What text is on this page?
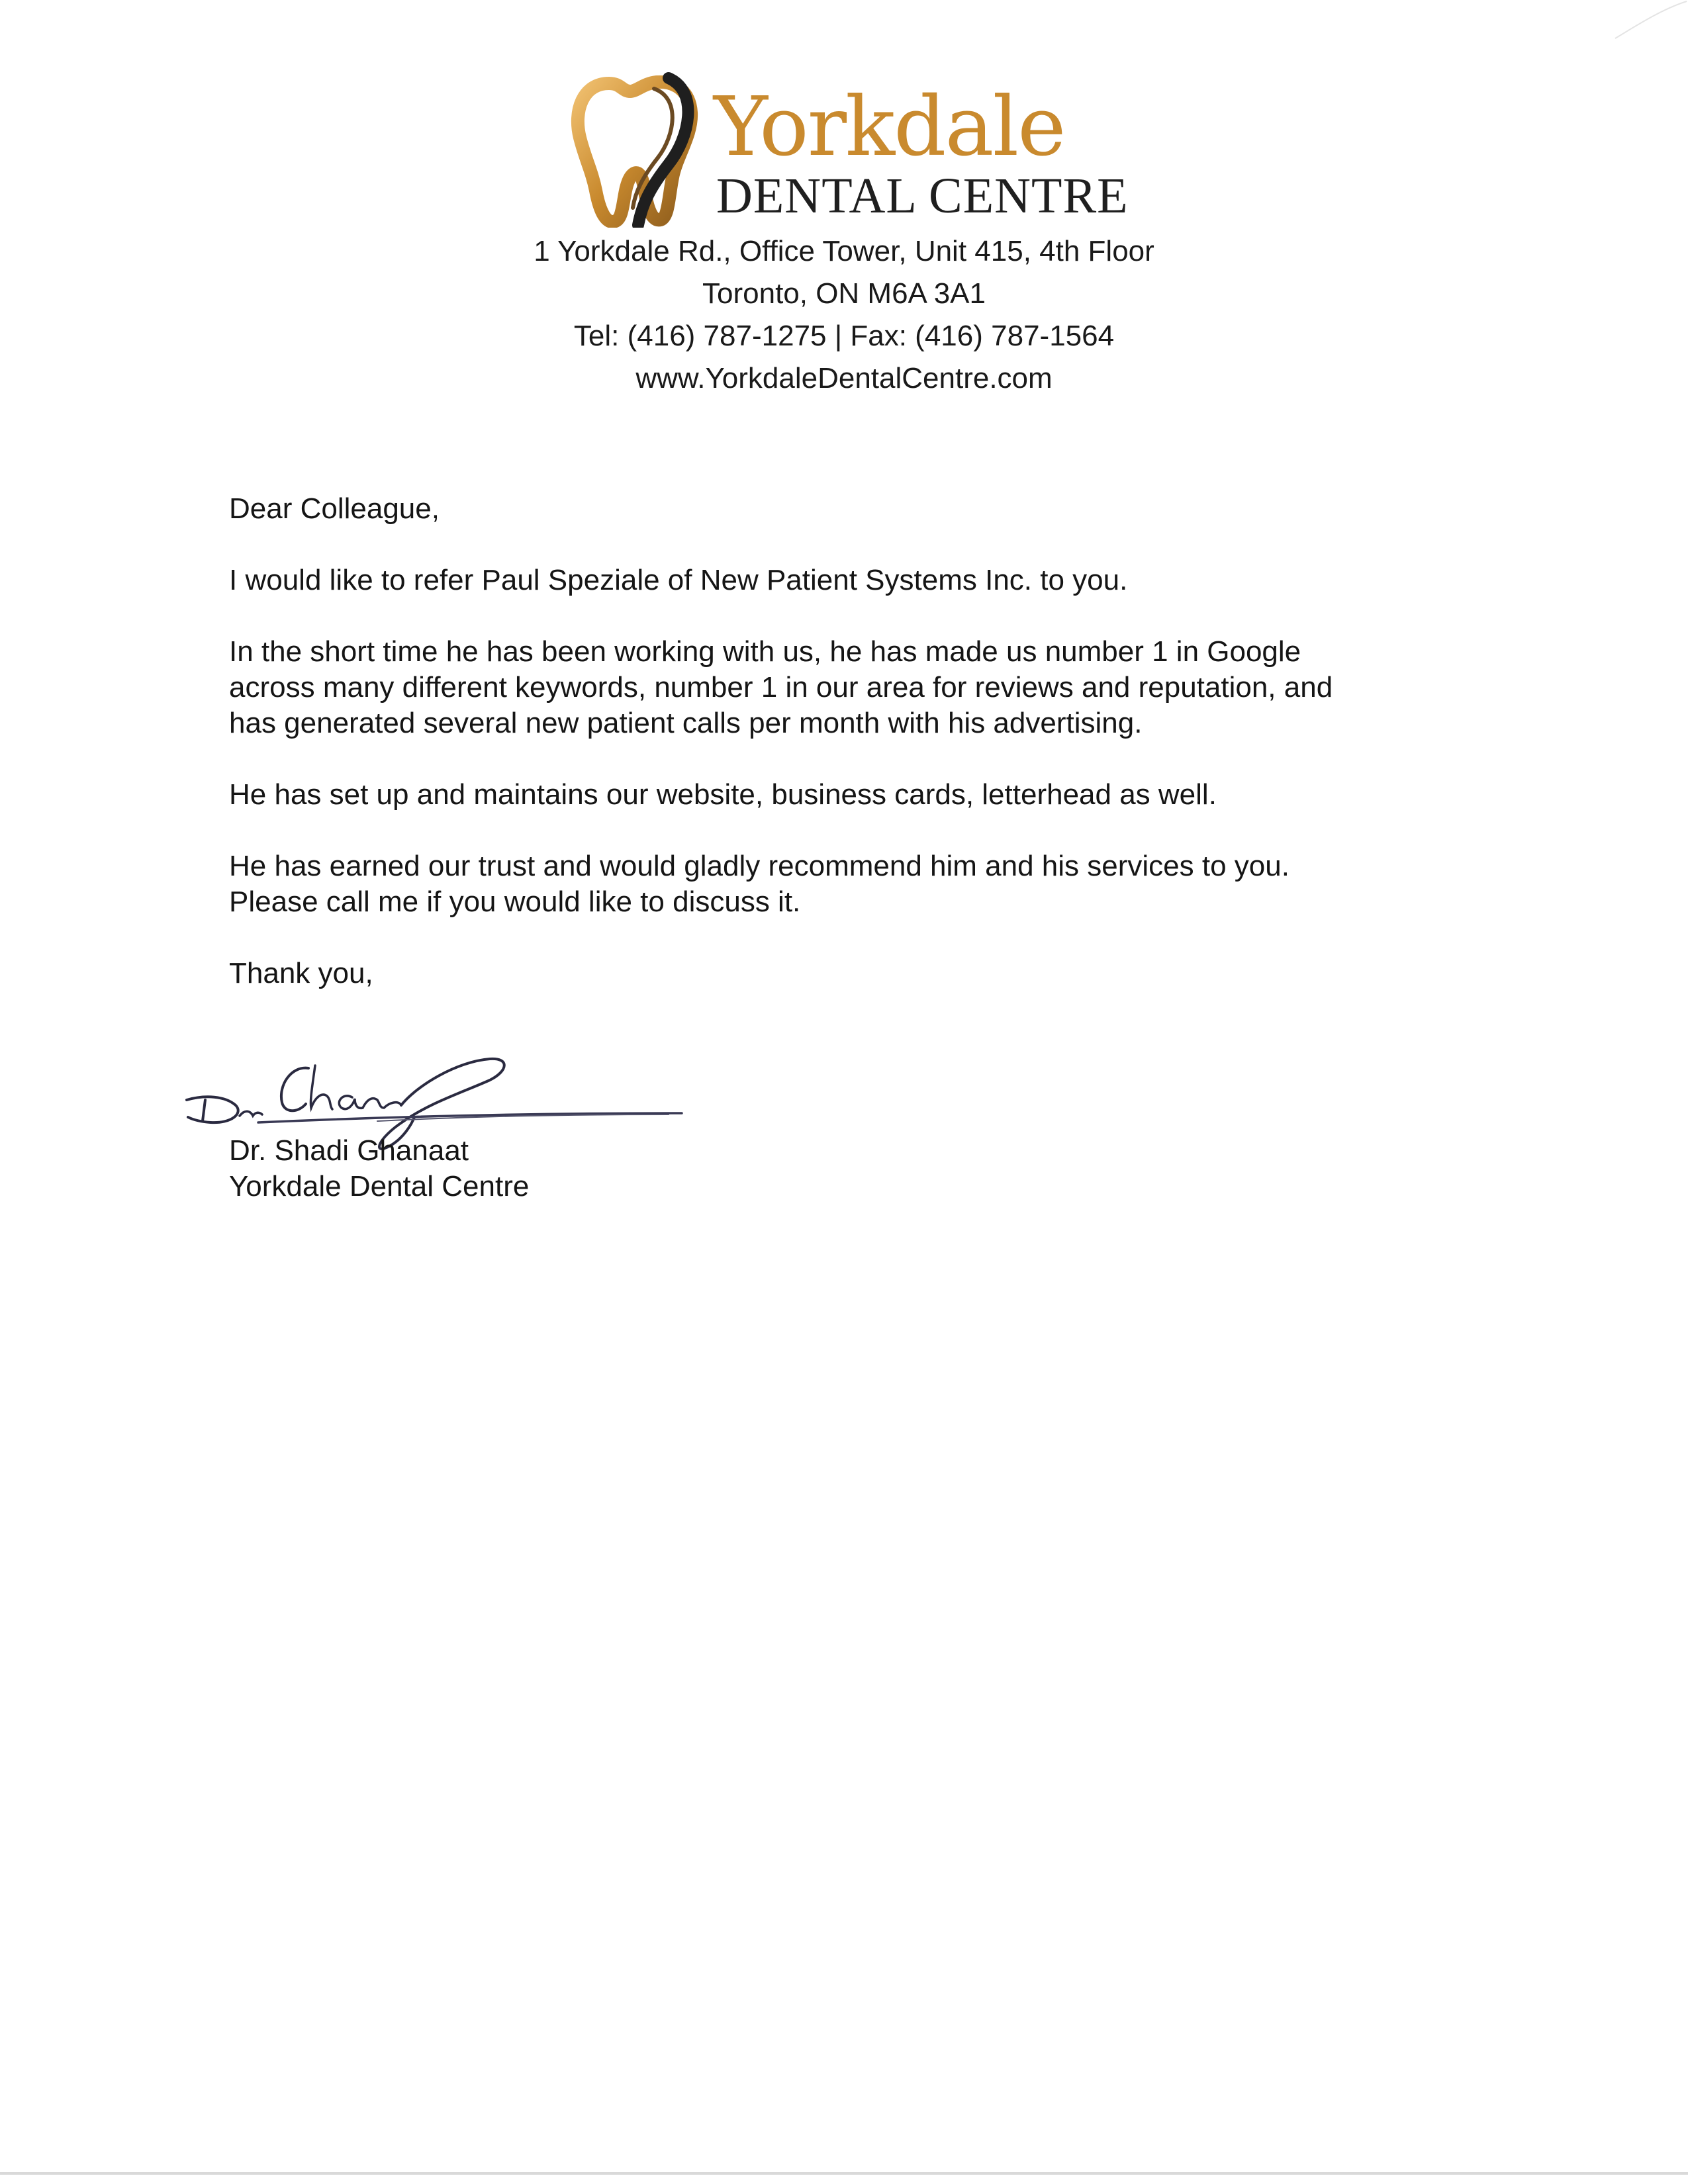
Yorkdale
DENTAL CENTRE
1 Yorkdale Rd., Office Tower, Unit 415, 4th Floor
Toronto, ON M6A 3A1
Tel: (416) 787-1275 | Fax: (416) 787-1564
www.YorkdaleDentalCentre.com

Dear Colleague,

I would like to refer Paul Speziale of New Patient Systems Inc. to you.

In the short time he has been working with us, he has made us number 1 in Google
across many different keywords, number 1 in our area for reviews and reputation, and
has generated several new patient calls per month with his advertising.

He has set up and maintains our website, business cards, letterhead as well.

He has earned our trust and would gladly recommend him and his services to you.
Please call me if you would like to discuss it.

Thank you,

Dr. Shadi Ghanaat
Yorkdale Dental Centre
